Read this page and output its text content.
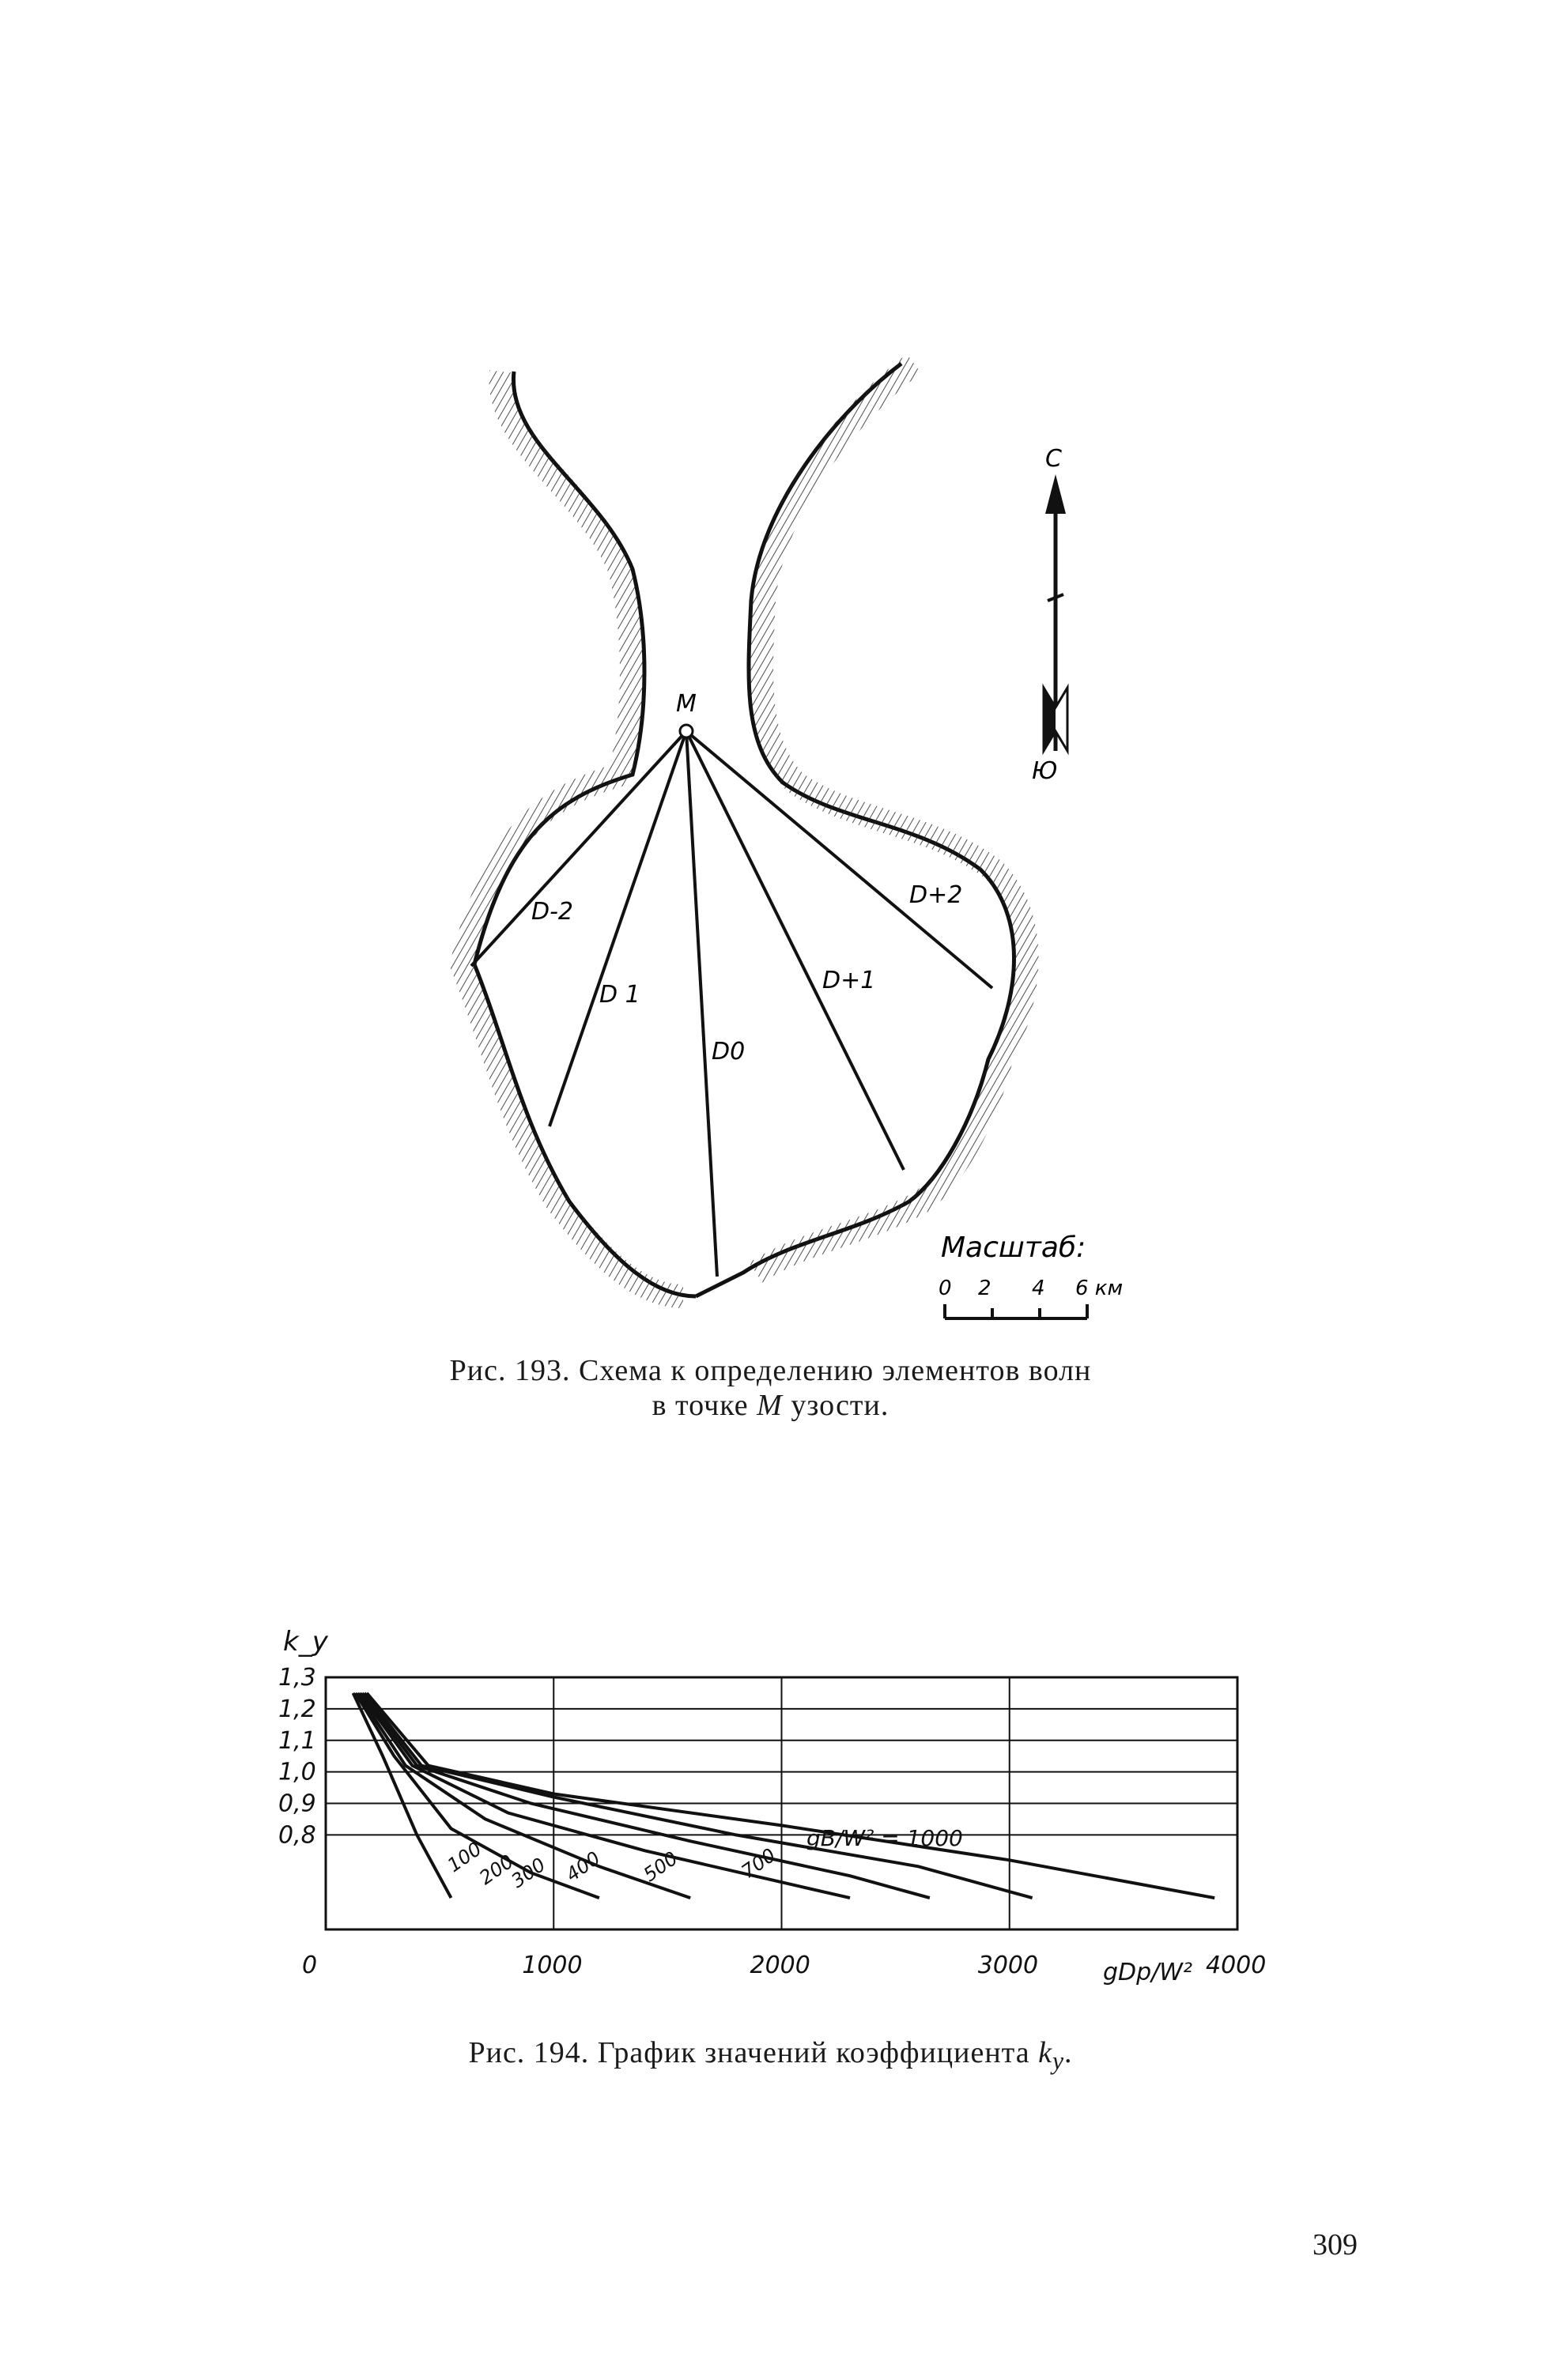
M
D-2
D 1
D0
D+1
D+2
С
Ю
Масштаб:
0 2 4 6 км
Рис. 193. Схема к определению элементов волн
в точке M узости.
1,3
1,2
1,1
1,0
0,9
0,8
0	1000	2000	3000	4000
k_y
gDp/W²
gB/W² = 1000
100
200
300 400 500	700
Рис. 194. График значений коэффициента $k_y$.
309
